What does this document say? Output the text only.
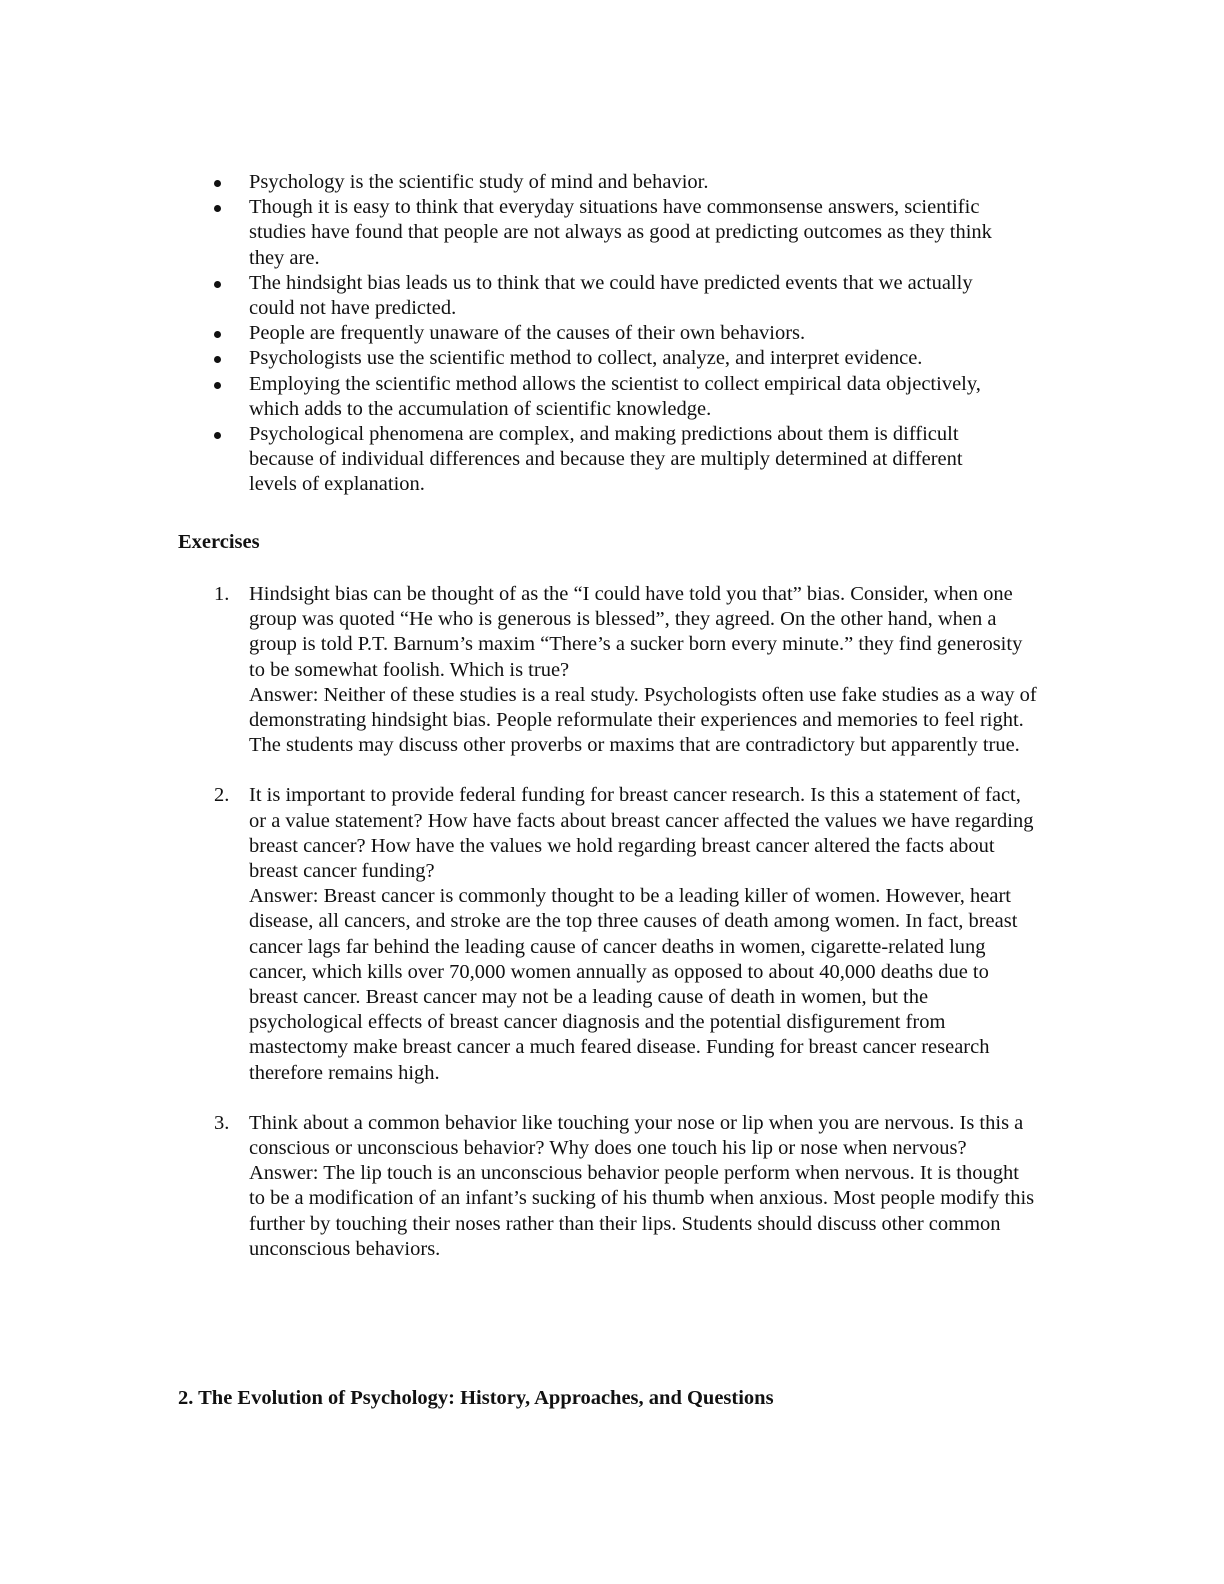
Psychology is the scientific study of mind and behavior.
Though it is easy to think that everyday situations have commonsense answers, scientific studies have found that people are not always as good at predicting outcomes as they think they are.
The hindsight bias leads us to think that we could have predicted events that we actually could not have predicted.
People are frequently unaware of the causes of their own behaviors.
Psychologists use the scientific method to collect, analyze, and interpret evidence.
Employing the scientific method allows the scientist to collect empirical data objectively, which adds to the accumulation of scientific knowledge.
Psychological phenomena are complex, and making predictions about them is difficult because of individual differences and because they are multiply determined at different levels of explanation.
Exercises
1. Hindsight bias can be thought of as the “I could have told you that” bias. Consider, when one group was quoted “He who is generous is blessed”, they agreed. On the other hand, when a group is told P.T. Barnum’s maxim “There’s a sucker born every minute.” they find generosity to be somewhat foolish. Which is true?
Answer: Neither of these studies is a real study. Psychologists often use fake studies as a way of demonstrating hindsight bias. People reformulate their experiences and memories to feel right. The students may discuss other proverbs or maxims that are contradictory but apparently true.
2. It is important to provide federal funding for breast cancer research. Is this a statement of fact, or a value statement? How have facts about breast cancer affected the values we have regarding breast cancer? How have the values we hold regarding breast cancer altered the facts about breast cancer funding?
Answer: Breast cancer is commonly thought to be a leading killer of women. However, heart disease, all cancers, and stroke are the top three causes of death among women. In fact, breast cancer lags far behind the leading cause of cancer deaths in women, cigarette-related lung cancer, which kills over 70,000 women annually as opposed to about 40,000 deaths due to breast cancer. Breast cancer may not be a leading cause of death in women, but the psychological effects of breast cancer diagnosis and the potential disfigurement from mastectomy make breast cancer a much feared disease. Funding for breast cancer research therefore remains high.
3. Think about a common behavior like touching your nose or lip when you are nervous. Is this a conscious or unconscious behavior? Why does one touch his lip or nose when nervous?
Answer: The lip touch is an unconscious behavior people perform when nervous. It is thought to be a modification of an infant’s sucking of his thumb when anxious. Most people modify this further by touching their noses rather than their lips. Students should discuss other common unconscious behaviors.
2. The Evolution of Psychology: History, Approaches, and Questions
